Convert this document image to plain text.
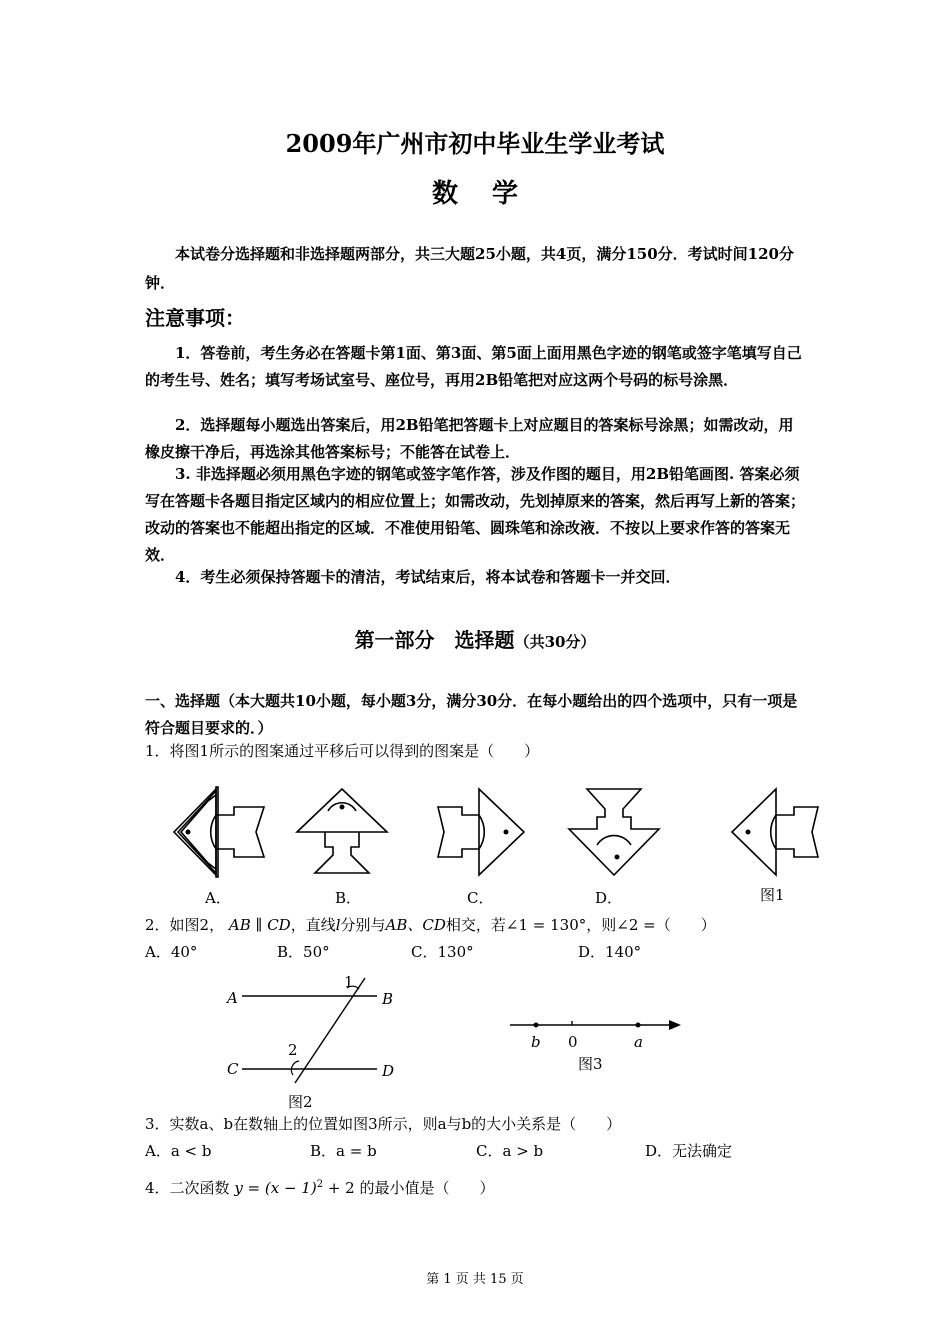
2009年广州市初中毕业生学业考试
数学
本试卷分选择题和非选择题两部分，共三大题25小题，共4页，满分150分．考试时间120分钟．
注意事项：
1．答卷前，考生务必在答题卡第1面、第3面、第5面上面用黑色字迹的钢笔或签字笔填写自己的考生号、姓名；填写考场试室号、座位号，再用2B铅笔把对应这两个号码的标号涂黑．
2．选择题每小题选出答案后，用2B铅笔把答题卡上对应题目的答案标号涂黑；如需改动，用橡皮擦干净后，再选涂其他答案标号；不能答在试卷上．
3. 非选择题必须用黑色字迹的钢笔或签字笔作答，涉及作图的题目，用2B铅笔画图. 答案必须写在答题卡各题目指定区域内的相应位置上；如需改动，先划掉原来的答案，然后再写上新的答案；改动的答案也不能超出指定的区域．不准使用铅笔、圆珠笔和涂改液．不按以上要求作答的答案无效．
4．考生必须保持答题卡的清洁，考试结束后，将本试卷和答题卡一并交回．
第一部分　选择题（共30分）
一、选择题（本大题共10小题，每小题3分，满分30分．在每小题给出的四个选项中，只有一项是符合题目要求的．）
1．将图1所示的图案通过平移后可以得到的图案是（　　）
A．	B．	C．	D．	图1
2．如图2， AB ∥ CD，直线l分别与AB、CD相交，若∠1 = 130°，则∠2 =（　　）
A．40°	B．50°	C．130°	D．140°
A	B
C	D
1
2
图2
b 0	a
图3
3．实数a、b在数轴上的位置如图3所示，则a与b的大小关系是（　　）
A．a < b	B．a = b	C．a > b	D．无法确定
4．二次函数 $y = (x - 1)^2 + 2$ 的最小值是（　　）
第 1 页 共 15 页
